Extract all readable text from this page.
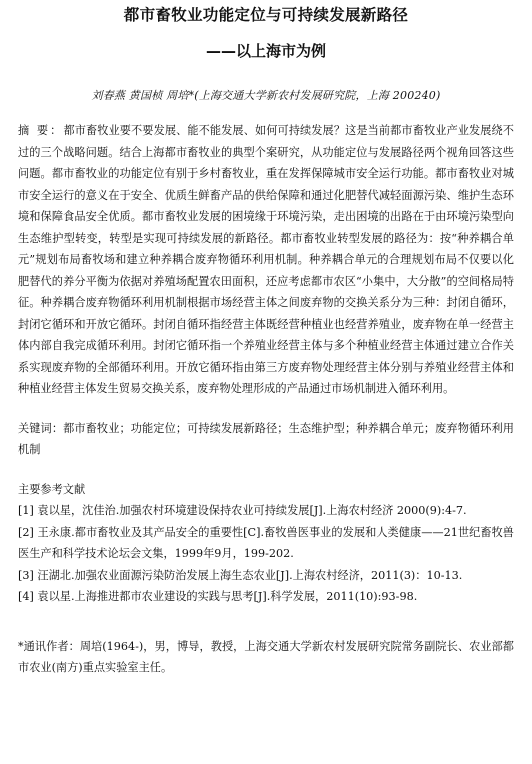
都市畜牧业功能定位与可持续发展新路径
——以上海市为例
刘春燕 黄国桢 周培*(上海交通大学新农村发展研究院，上海 200240)
摘 要：都市畜牧业要不要发展、能不能发展、如何可持续发展？这是当前都市畜牧业产业发展绕不过的三个战略问题。结合上海都市畜牧业的典型个案研究，从功能定位与发展路径两个视角回答这些问题。都市畜牧业的功能定位有别于乡村畜牧业，重在发挥保障城市安全运行功能。都市畜牧业对城市安全运行的意义在于安全、优质生鲜畜产品的供给保障和通过化肥替代减轻面源污染、维护生态环境和保障食品安全优质。都市畜牧业发展的困境缘于环境污染，走出困境的出路在于由环境污染型向生态维护型转变，转型是实现可持续发展的新路径。都市畜牧业转型发展的路径为：按“种养耦合单元”规划布局畜牧场和建立种养耦合废弃物循环利用机制。种养耦合单元的合理规划布局不仅要以化肥替代的养分平衡为依据对养殖场配置农田面积，还应考虑都市农区“小集中，大分散”的空间格局特征。种养耦合废弃物循环利用机制根据市场经营主体之间废弃物的交换关系分为三种：封闭自循环，封闭它循环和开放它循环。封闭自循环指经营主体既经营种植业也经营养殖业，废弃物在单一经营主体内部自我完成循环利用。封闭它循环指一个养殖业经营主体与多个种植业经营主体通过建立合作关系实现废弃物的全部循环利用。开放它循环指由第三方废弃物处理经营主体分别与养殖业经营主体和种植业经营主体发生贸易交换关系，废弃物处理形成的产品通过市场机制进入循环利用。
关键词：都市畜牧业；功能定位；可持续发展新路径；生态维护型；种养耦合单元；废弃物循环利用机制
主要参考文献
[1] 袁以星，沈佳治.加强农村环境建设保持农业可持续发展[J].上海农村经济 2000(9):4-7.
[2] 王永康.都市畜牧业及其产品安全的重要性[C].畜牧兽医事业的发展和人类健康——21世纪畜牧兽医生产和科学技术论坛会文集，1999年9月，199-202.
[3] 汪湖北.加强农业面源污染防治发展上海生态农业[J].上海农村经济，2011(3)：10-13.
[4] 袁以星.上海推进都市农业建设的实践与思考[J].科学发展，2011(10):93-98.
*通讯作者：周培(1964-)，男，博导，教授，上海交通大学新农村发展研究院常务副院长、农业部都市农业(南方)重点实验室主任。
